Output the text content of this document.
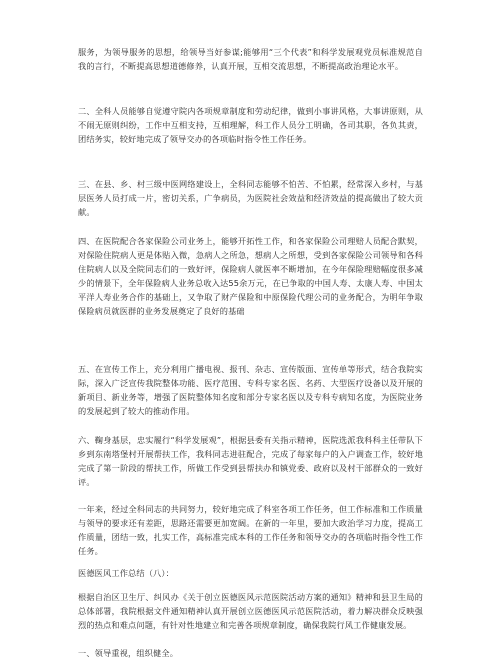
服务，为领导服务的思想，给领导当好参谋;能够用“三个代表”和科学发展观党员标准规范自我的言行，不断提高思想道德修养，认真开展，互相交流思想，不断提高政治理论水平。

二、全科人员能够自觉遵守院内各项规章制度和劳动纪律，做到小事讲风格，大事讲原则，从不闹无原则纠纷，工作中互相支持，互相理解，科工作人员分工明确，各司其职，各负其责，团结务实，较好地完成了领导交办的各项临时指令性工作任务。

三、在县、乡、村三级中医网络建设上，全科同志能够不怕苦、不怕累，经常深入乡村，与基层医务人员打成一片，密切关系，广争病员，为医院社会效益和经济效益的提高做出了较大贡献。

四、在医院配合各家保险公司业务上，能够开拓性工作，和各家保险公司理赔人员配合默契，对保险住院病人更是体贴入微，急病人之所急，想病人之所想，受到各家保险公司领导和各科住院病人以及全院同志们的一致好评，保险病人就医率不断增加，在今年保险理赔幅度很多减少的情景下，全年保险病人业务总收入达55余万元，在已争取的中国人寿、太康人寿、中国太平洋人寿业务合作的基础上，又争取了财产保险和中原保险代理公司的业务配合，为明年争取保险病员就医群的业务发展奠定了良好的基础

五、在宣传工作上，充分利用广播电视、报刊、杂志、宣传版面、宣传单等形式，结合我院实际，深入广泛宣传我院整体功能、医疗范围、专科专家名医、名药、大型医疗设备以及开展的新项目、新业务等，增强了医院整体知名度和部分专家名医以及专科专病知名度，为医院业务的发展起到了较大的推动作用。

六、鞠身基层，忠实履行“科学发展观”，根据县委有关指示精神，医院选派我科科主任带队下乡到东南塔堡村开展帮扶工作，我科同志进驻配合，完成了每家每户的入户调查工作，较好地完成了第一阶段的帮扶工作，所做工作受到县帮扶办和镇党委、政府以及村干部群众的一致好评。

一年来，经过全科同志的共同努力，较好地完成了科室各项工作任务，但工作标准和工作质量与领导的要求还有差距，思路还需要更加宽阔。在新的一年里，要加大政治学习力度，提高工作质量，团结一致，扎实工作，高标准完成本科的工作任务和领导交办的各项临时指令性工作任务。

医德医风工作总结（八）：

根据自治区卫生厅、纠风办《关于创立医德医风示范医院活动方案的通知》精神和县卫生局的总体部署，我院根据文件通知精神认真开展创立医德医风示范医院活动，着力解决群众反映强烈的热点和难点问题，有针对性地建立和完善各项规章制度，确保我院行风工作健康发展。

一、领导重视，组织健全。
